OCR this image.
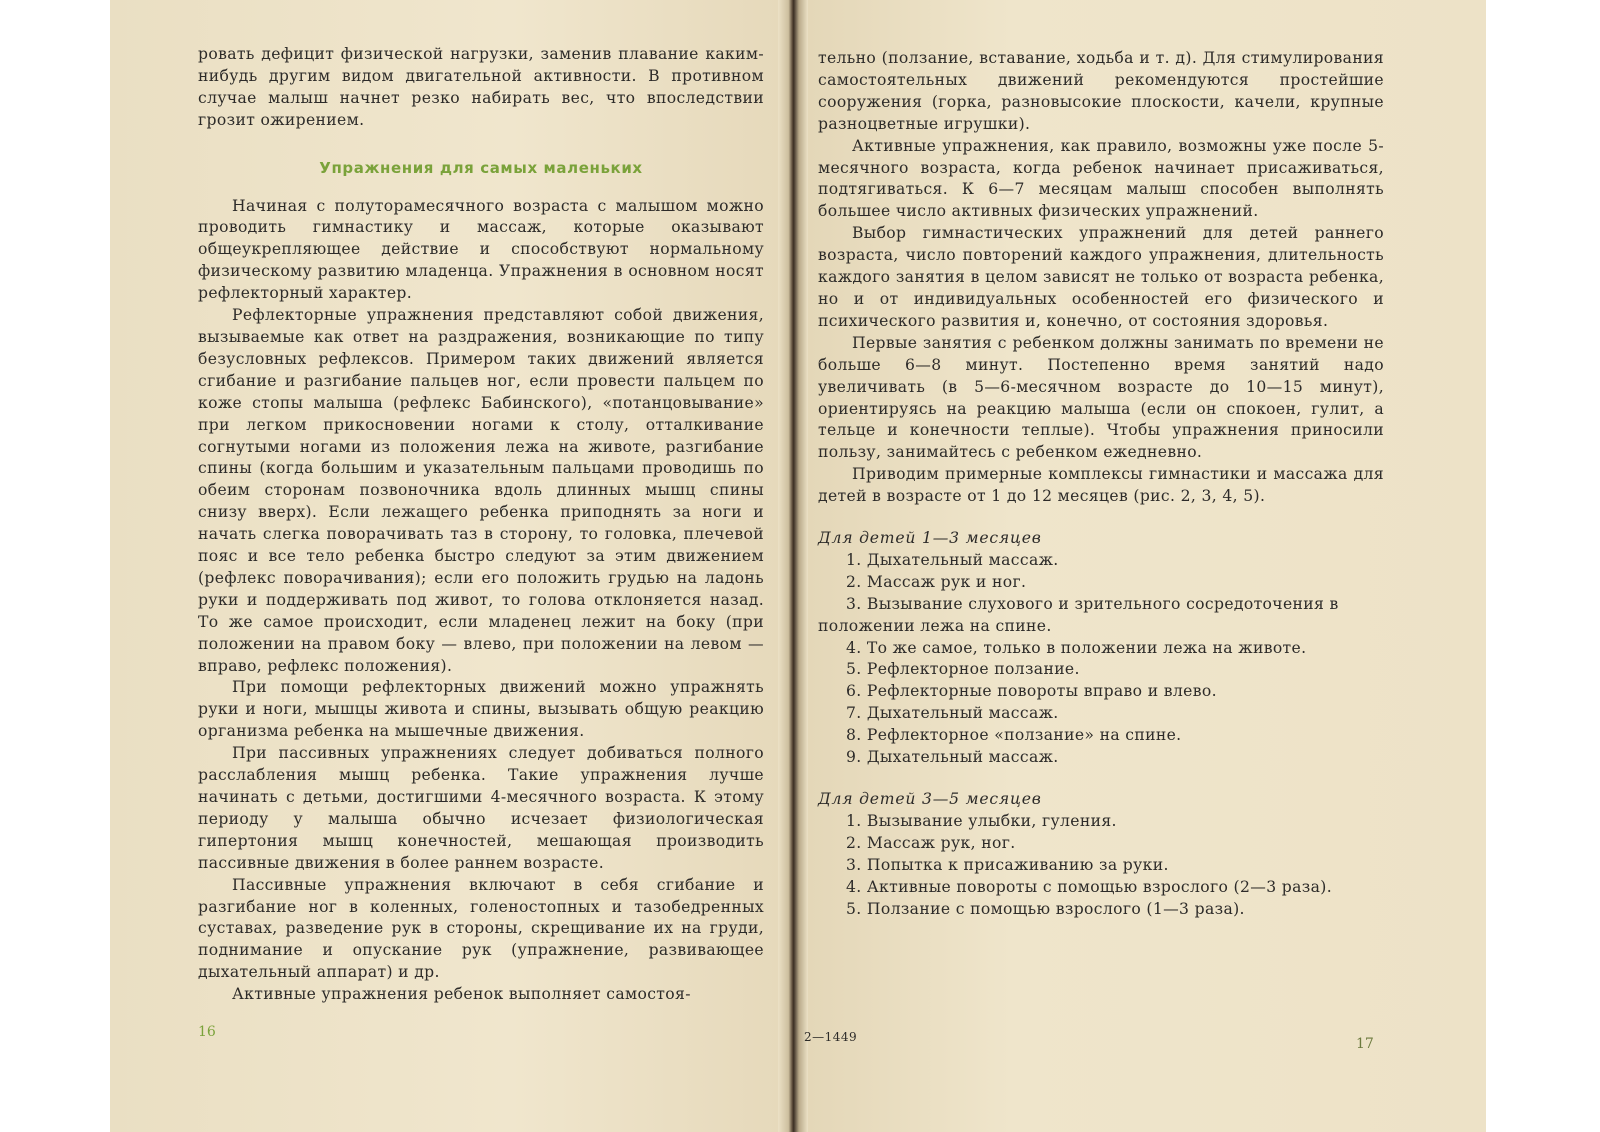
ровать дефицит физической нагрузки, заменив плавание каким-нибудь другим видом двигательной активности. В противном случае малыш начнет резко набирать вес, что впоследствии грозит ожирением.

Упражнения для самых маленьких

Начиная с полуторамесячного возраста с малышом можно проводить гимнастику и массаж, которые оказывают общеукрепляющее действие и способствуют нормальному физическому развитию младенца. Упражнения в основном носят рефлекторный характер.

Рефлекторные упражнения представляют собой движения, вызываемые как ответ на раздражения, возникающие по типу безусловных рефлексов. Примером таких движений является сгибание и разгибание пальцев ног, если провести пальцем по коже стопы малыша (рефлекс Бабинского), «потанцовывание» при легком прикосновении ногами к столу, отталкивание согнутыми ногами из положения лежа на животе, разгибание спины (когда большим и указательным пальцами проводишь по обеим сторонам позвоночника вдоль длинных мышц спины снизу вверх). Если лежащего ребенка приподнять за ноги и начать слегка поворачивать таз в сторону, то головка, плечевой пояс и все тело ребенка быстро следуют за этим движением (рефлекс поворачивания); если его положить грудью на ладонь руки и поддерживать под живот, то голова отклоняется назад. То же самое происходит, если младенец лежит на боку (при положении на правом боку — влево, при положении на левом — вправо, рефлекс положения).

При помощи рефлекторных движений можно упражнять руки и ноги, мышцы живота и спины, вызывать общую реакцию организма ребенка на мышечные движения.

При пассивных упражнениях следует добиваться полного расслабления мышц ребенка. Такие упражнения лучше начинать с детьми, достигшими 4-месячного возраста. К этому периоду у малыша обычно исчезает физиологическая гипертония мышц конечностей, мешающая производить пассивные движения в более раннем возрасте.

Пассивные упражнения включают в себя сгибание и разгибание ног в коленных, голеностопных и тазобедренных суставах, разведение рук в стороны, скрещивание их на груди, поднимание и опускание рук (упражнение, развивающее дыхательный аппарат) и др.

Активные упражнения ребенок выполняет самостоя-

16

тельно (ползание, вставание, ходьба и т. д). Для стимулирования самостоятельных движений рекомендуются простейшие сооружения (горка, разновысокие плоскости, качели, крупные разноцветные игрушки).

Активные упражнения, как правило, возможны уже после 5-месячного возраста, когда ребенок начинает присаживаться, подтягиваться. К 6—7 месяцам малыш способен выполнять большее число активных физических упражнений.

Выбор гимнастических упражнений для детей раннего возраста, число повторений каждого упражнения, длительность каждого занятия в целом зависят не только от возраста ребенка, но и от индивидуальных особенностей его физического и психического развития и, конечно, от состояния здоровья.

Первые занятия с ребенком должны занимать по времени не больше 6—8 минут. Постепенно время занятий надо увеличивать (в 5—6-месячном возрасте до 10—15 минут), ориентируясь на реакцию малыша (если он спокоен, гулит, а тельце и конечности теплые). Чтобы упражнения приносили пользу, занимайтесь с ребенком ежедневно.

Приводим примерные комплексы гимнастики и массажа для детей в возрасте от 1 до 12 месяцев (рис. 2, 3, 4, 5).

Для детей 1—3 месяцев
1. Дыхательный массаж.
2. Массаж рук и ног.
3. Вызывание слухового и зрительного сосредоточения в положении лежа на спине.
4. То же самое, только в положении лежа на животе.
5. Рефлекторное ползание.
6. Рефлекторные повороты вправо и влево.
7. Дыхательный массаж.
8. Рефлекторное «ползание» на спине.
9. Дыхательный массаж.
Для детей 3—5 месяцев
1. Вызывание улыбки, гуления.
2. Массаж рук, ног.
3. Попытка к присаживанию за руки.
4. Активные повороты с помощью взрослого (2—3 раза).
5. Ползание с помощью взрослого (1—3 раза).
2—1449	17
